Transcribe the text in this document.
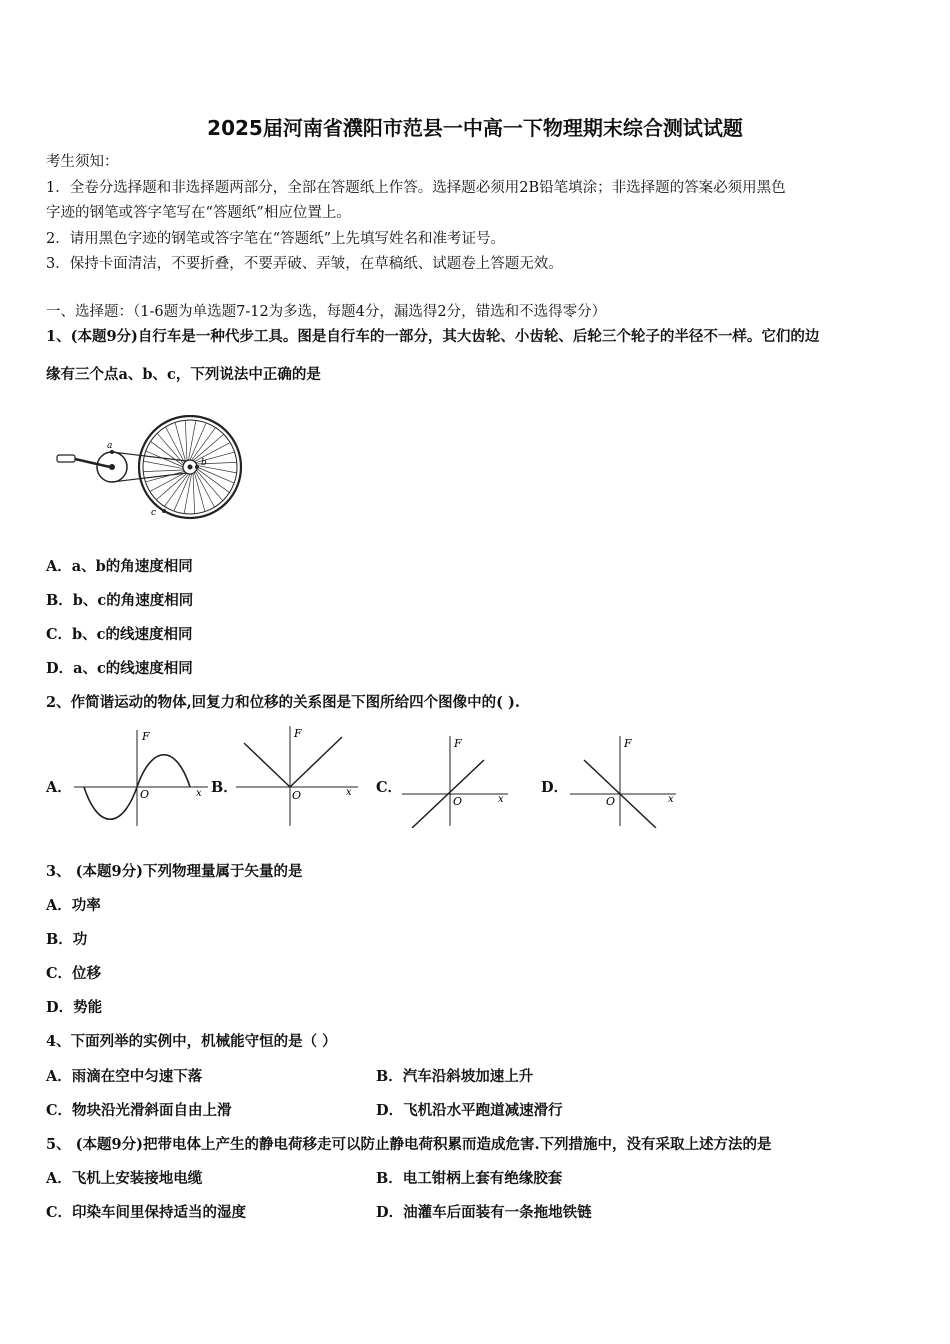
2025届河南省濮阳市范县一中高一下物理期末综合测试试题
考生须知：
1．全卷分选择题和非选择题两部分，全部在答题纸上作答。选择题必须用2B铅笔填涂；非选择题的答案必须用黑色
字迹的钢笔或答字笔写在“答题纸”相应位置上。
2．请用黑色字迹的钢笔或答字笔在“答题纸”上先填写姓名和准考证号。
3．保持卡面清洁，不要折叠，不要弄破、弄皱，在草稿纸、试题卷上答题无效。
一、选择题：（1-6题为单选题7-12为多选，每题4分，漏选得2分，错选和不选得零分）
1、(本题9分)自行车是一种代步工具。图是自行车的一部分，其大齿轮、小齿轮、后轮三个轮子的半径不一样。它们的边
缘有三个点a、b、c，下列说法中正确的是
a
b
c
A．a、b的角速度相同
B．b、c的角速度相同
C．b、c的线速度相同
D．a、c的线速度相同
2、作简谐运动的物体,回复力和位移的关系图是下图所给四个图像中的( ).
A．
F
O	x B．
F
O	x C．
F
O	x
D．
F
O	x
3、 (本题9分)下列物理量属于矢量的是
A．功率
B．功
C．位移
D．势能
4、下面列举的实例中，机械能守恒的是（ ）
A．雨滴在空中匀速下落	B．汽车沿斜坡加速上升
C．物块沿光滑斜面自由上滑	D．飞机沿水平跑道减速滑行
5、 (本题9分)把带电体上产生的静电荷移走可以防止静电荷积累而造成危害.下列措施中，没有采取上述方法的是
A．飞机上安装接地电缆	B．电工钳柄上套有绝缘胶套
C．印染车间里保持适当的湿度	D．油灌车后面装有一条拖地铁链
